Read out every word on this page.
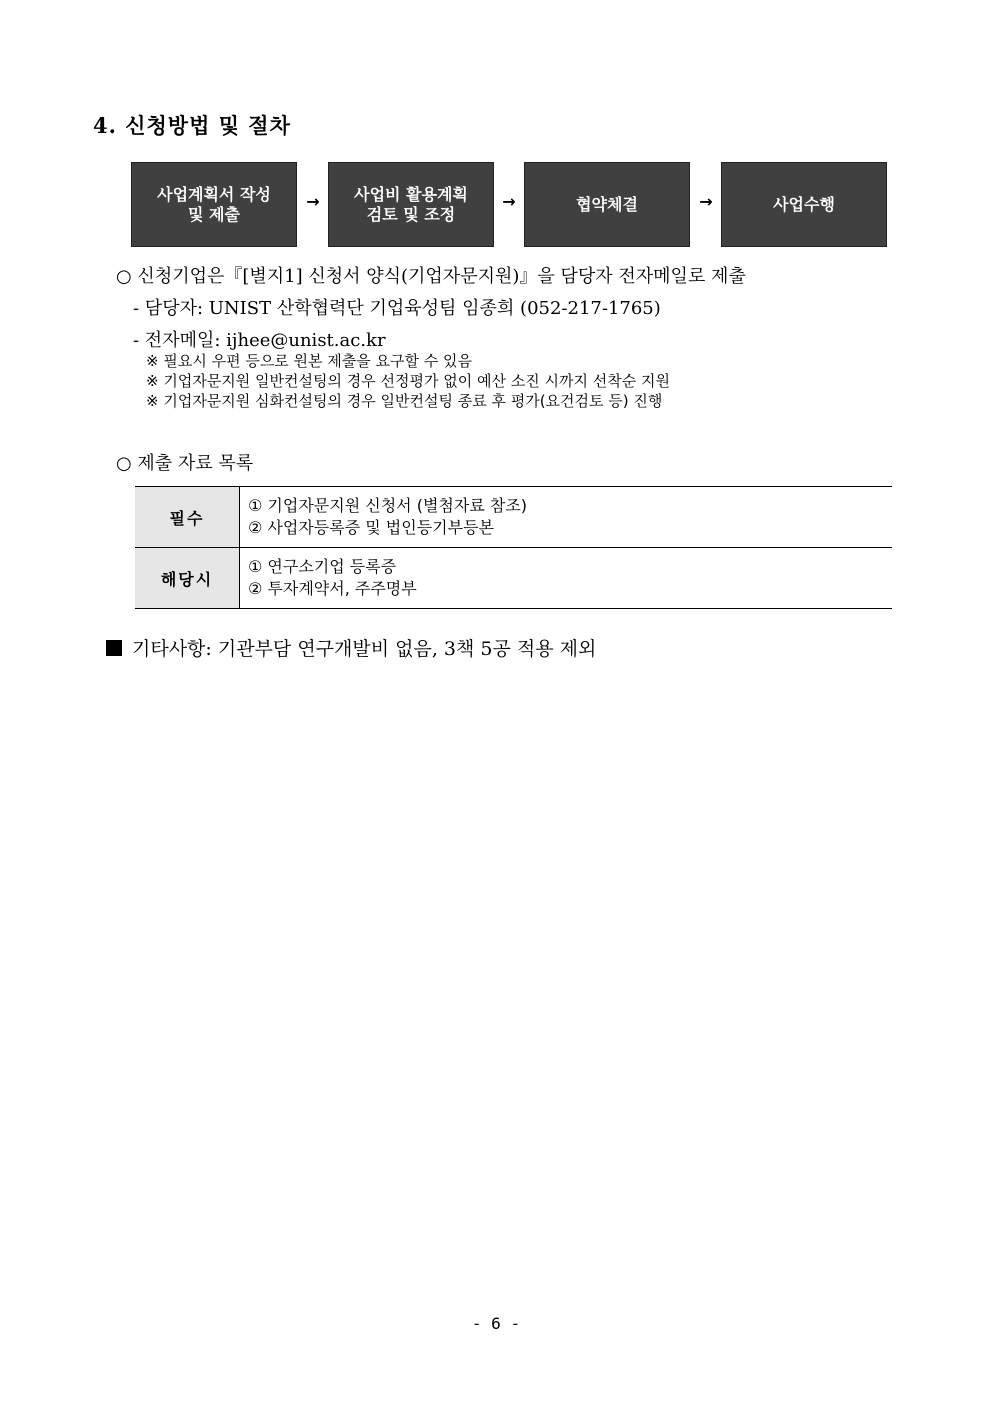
4. 신청방법 및 절차
사업계획서 작성
및 제출
→	사업비 활용계획
검토 및 조정
→	협약체결	→	사업수행
○ 신청기업은『[별지1] 신청서 양식(기업자문지원)』을 담당자 전자메일로 제출
- 담당자: UNIST 산학협력단 기업육성팀 임종희 (052-217-1765)
- 전자메일: ijhee@unist.ac.kr
※ 필요시 우편 등으로 원본 제출을 요구할 수 있음
※ 기업자문지원 일반컨설팅의 경우 선정평가 없이 예산 소진 시까지 선착순 지원
※ 기업자문지원 심화컨설팅의 경우 일반컨설팅 종료 후 평가(요건검토 등) 진행
○ 제출 자료 목록
필수	① 기업자문지원 신청서 (별첨자료 참조)
② 사업자등록증 및 법인등기부등본

해당시	① 연구소기업 등록증
② 투자계약서, 주주명부
기타사항: 기관부담 연구개발비 없음, 3책 5공 적용 제외
- 6 -
